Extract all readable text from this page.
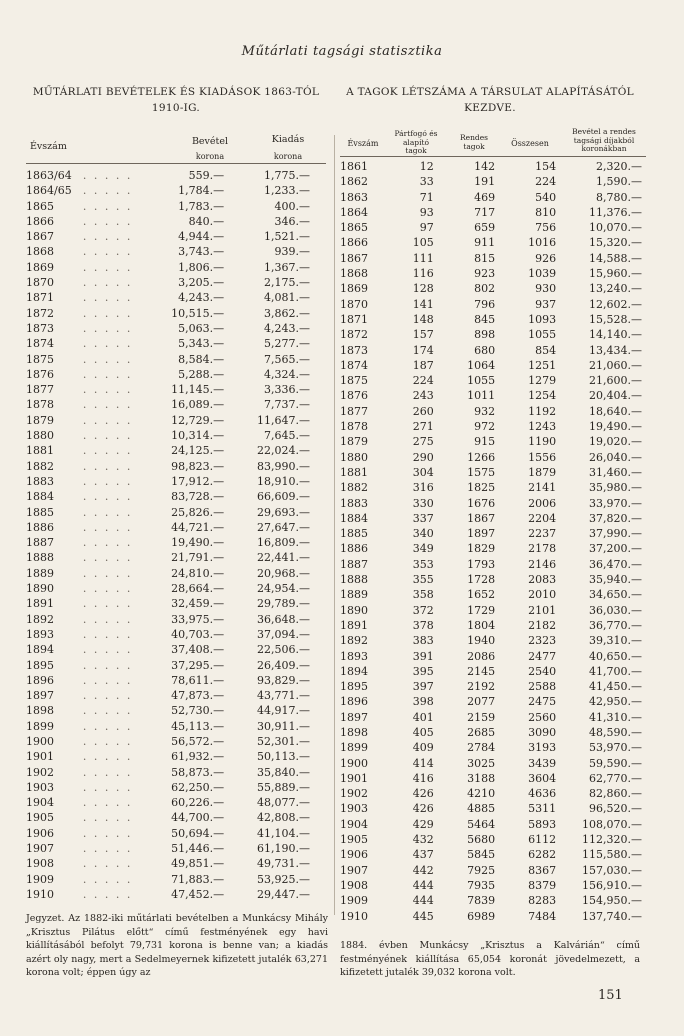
Műtárlati tagsági statisztika
MŰTÁRLATI BEVÉTELEK ÉS KIADÁSOK 1863-TÓL 1910-IG.
A TAGOK LÉTSZÁMA A TÁRSULAT ALAPÍTÁSÁTÓL KEZDVE.
Évszám	Bevétel
korona
Kiadás
korona
1863/64	. . . . .	559.—	1,775.—
1864/65	. . . . .	1,784.—	1,233.—
1865	. . . . .	1,783.—	400.—
1866	. . . . .	840.—	346.—
1867	. . . . .	4,944.—	1,521.—
1868	. . . . .	3,743.—	939.—
1869	. . . . .	1,806.—	1,367.—
1870	. . . . .	3,205.—	2,175.—
1871	. . . . .	4,243.—	4,081.—
1872	. . . . .	10,515.—	3,862.—
1873	. . . . .	5,063.—	4,243.—
1874	. . . . .	5,343.—	5,277.—
1875	. . . . .	8,584.—	7,565.—
1876	. . . . .	5,288.—	4,324.—
1877	. . . . .	11,145.—	3,336.—
1878	. . . . .	16,089.—	7,737.—
1879	. . . . .	12,729.—	11,647.—
1880	. . . . .	10,314.—	7,645.—
1881	. . . . .	24,125.—	22,024.—
1882	. . . . .	98,823.—	83,990.—
1883	. . . . .	17,912.—	18,910.—
1884	. . . . .	83,728.—	66,609.—
1885	. . . . .	25,826.—	29,693.—
1886	. . . . .	44,721.—	27,647.—
1887	. . . . .	19,490.—	16,809.—
1888	. . . . .	21,791.—	22,441.—
1889	. . . . .	24,810.—	20,968.—
1890	. . . . .	28,664.—	24,954.—
1891	. . . . .	32,459.—	29,789.—
1892	. . . . .	33,975.—	36,648.—
1893	. . . . .	40,703.—	37,094.—
1894	. . . . .	37,408.—	22,506.—
1895	. . . . .	37,295.—	26,409.—
1896	. . . . .	78,611.—	93,829.—
1897	. . . . .	47,873.—	43,771.—
1898	. . . . .	52,730.—	44,917.—
1899	. . . . .	45,113.—	30,911.—
1900	. . . . .	56,572.—	52,301.—
1901	. . . . .	61,932.—	50,113.—
1902	. . . . .	58,873.—	35,840.—
1903	. . . . .	62,250.—	55,889.—
1904	. . . . .	60,226.—	48,077.—
1905	. . . . .	44,700.—	42,808.—
1906	. . . . .	50,694.—	41,104.—
1907	. . . . .	51,446.—	61,190.—
1908	. . . . .	49,851.—	49,731.—
1909	. . . . .	71,883.—	53,925.—
1910	. . . . .	47,452.—	29,447.—
Évszám
Pártfogó és alapító tagok
Rendes tagok	Összesen
Bevétel a rendes tagsági díjakból koronákban
1861	12	142	154	2,320.—
1862	33	191	224	1,590.—
1863	71	469	540	8,780.—
1864	93	717	810	11,376.—
1865	97	659	756	10,070.—
1866	105	911	1016	15,320.—
1867	111	815	926	14,588.—
1868	116	923	1039	15,960.—
1869	128	802	930	13,240.—
1870	141	796	937	12,602.—
1871	148	845	1093	15,528.—
1872	157	898	1055	14,140.—
1873	174	680	854	13,434.—
1874	187	1064	1251	21,060.—
1875	224	1055	1279	21,600.—
1876	243	1011	1254	20,404.—
1877	260	932	1192	18,640.—
1878	271	972	1243	19,490.—
1879	275	915	1190	19,020.—
1880	290	1266	1556	26,040.—
1881	304	1575	1879	31,460.—
1882	316	1825	2141	35,980.—
1883	330	1676	2006	33,970.—
1884	337	1867	2204	37,820.—
1885	340	1897	2237	37,990.—
1886	349	1829	2178	37,200.—
1887	353	1793	2146	36,470.—
1888	355	1728	2083	35,940.—
1889	358	1652	2010	34,650.—
1890	372	1729	2101	36,030.—
1891	378	1804	2182	36,770.—
1892	383	1940	2323	39,310.—
1893	391	2086	2477	40,650.—
1894	395	2145	2540	41,700.—
1895	397	2192	2588	41,450.—
1896	398	2077	2475	42,950.—
1897	401	2159	2560	41,310.—
1898	405	2685	3090	48,590.—
1899	409	2784	3193	53,970.—
1900	414	3025	3439	59,590.—
1901	416	3188	3604	62,770.—
1902	426	4210	4636	82,860.—
1903	426	4885	5311	96,520.—
1904	429	5464	5893	108,070.—
1905	432	5680	6112	112,320.—
1906	437	5845	6282	115,580.—
1907	442	7925	8367	157,030.—
1908	444	7935	8379	156,910.—
1909	444	7839	8283	154,950.—
1910	445	6989	7484	137,740.—
Jegyzet. Az 1882-iki műtárlati bevételben a Munkácsy Mihály „Krisztus Pilátus előtt“ című festményének egy havi kiállításából befolyt 79,731 korona is benne van; a kiadás azért oly nagy, mert a Sedelmeyernek kifizetett jutalék 63,271 korona volt; éppen úgy az
1884. évben Munkácsy „Krisztus a Kalvárián“ című festményének kiállítása 65,054 koronát jövedelmezett, a kifizetett jutalék 39,032 korona volt.
151
